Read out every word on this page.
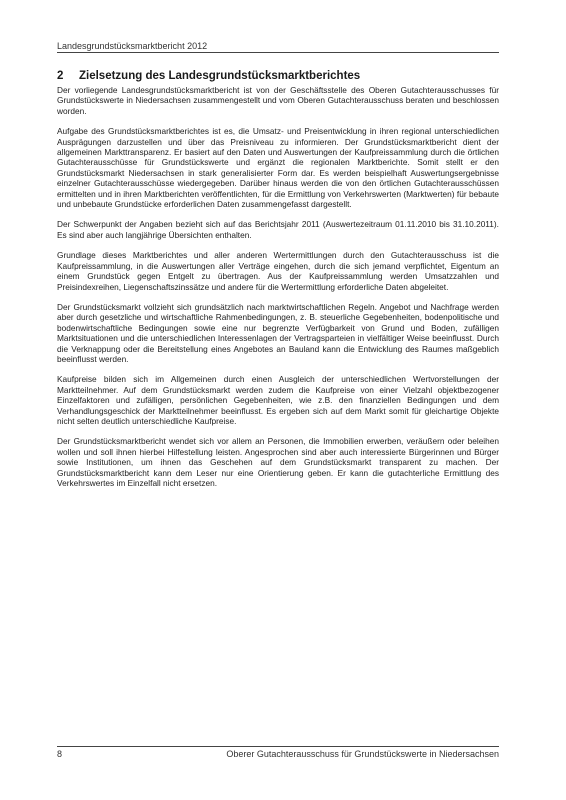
Landesgrundstücksmarktbericht 2012
2	Zielsetzung des Landesgrundstücksmarktberichtes

Der vorliegende Landesgrundstücksmarktbericht ist von der Geschäftsstelle des Oberen Gutachterausschusses für Grundstückswerte in Niedersachsen zusammengestellt und vom Oberen Gutachterausschuss beraten und beschlossen worden.

Aufgabe des Grundstücksmarktberichtes ist es, die Umsatz- und Preisentwicklung in ihren regional unterschiedlichen Ausprägungen darzustellen und über das Preisniveau zu informieren. Der Grundstücksmarktbericht dient der allgemeinen Markttransparenz. Er basiert auf den Daten und Auswertungen der Kaufpreissammlung durch die örtlichen Gutachterausschüsse für Grundstückswerte und ergänzt die regionalen Marktberichte. Somit stellt er den Grundstücksmarkt Niedersachsen in stark generalisierter Form dar. Es werden beispielhaft Auswertungsergebnisse einzelner Gutachterausschüsse wiedergegeben. Darüber hinaus werden die von den örtlichen Gutachterausschüssen ermittelten und in ihren Marktberichten veröffentlichten, für die Ermittlung von Verkehrswerten (Marktwerten) für bebaute und unbebaute Grundstücke erforderlichen Daten zusammengefasst dargestellt.

Der Schwerpunkt der Angaben bezieht sich auf das Berichtsjahr 2011 (Auswertezeitraum 01.11.2010 bis 31.10.2011). Es sind aber auch langjährige Übersichten enthalten.

Grundlage dieses Marktberichtes und aller anderen Wertermittlungen durch den Gutachterausschuss ist die Kaufpreissammlung, in die Auswertungen aller Verträge eingehen, durch die sich jemand verpflichtet, Eigentum an einem Grundstück gegen Entgelt zu übertragen. Aus der Kaufpreissammlung werden Umsatzzahlen und Preisindexreihen, Liegenschaftszinssätze und andere für die Wertermittlung erforderliche Daten abgeleitet.

Der Grundstücksmarkt vollzieht sich grundsätzlich nach marktwirtschaftlichen Regeln. Angebot und Nachfrage werden aber durch gesetzliche und wirtschaftliche Rahmenbedingungen, z. B. steuerliche Gegebenheiten, bodenpolitische und bodenwirtschaftliche Bedingungen sowie eine nur begrenzte Verfügbarkeit von Grund und Boden, zufälligen Marktsituationen und die unterschiedlichen Interessenlagen der Vertragsparteien in vielfältiger Weise beeinflusst. Durch die Verknappung oder die Bereitstellung eines Angebotes an Bauland kann die Entwicklung des Raumes maßgeblich beeinflusst werden.

Kaufpreise bilden sich im Allgemeinen durch einen Ausgleich der unterschiedlichen Wertvorstellungen der Marktteilnehmer. Auf dem Grundstücksmarkt werden zudem die Kaufpreise von einer Vielzahl objektbezogener Einzelfaktoren und zufälligen, persönlichen Gegebenheiten, wie z.B. den finanziellen Bedingungen und dem Verhandlungsgeschick der Marktteilnehmer beeinflusst. Es ergeben sich auf dem Markt somit für gleichartige Objekte nicht selten deutlich unterschiedliche Kaufpreise.

Der Grundstücksmarktbericht wendet sich vor allem an Personen, die Immobilien erwerben, veräußern oder beleihen wollen und soll ihnen hierbei Hilfestellung leisten. Angesprochen sind aber auch interessierte Bürgerinnen und Bürger sowie Institutionen, um ihnen das Geschehen auf dem Grundstücksmarkt transparent zu machen. Der Grundstücksmarktbericht kann dem Leser nur eine Orientierung geben. Er kann die gutachterliche Ermittlung des Verkehrswertes im Einzelfall nicht ersetzen.

8	Oberer Gutachterausschuss für Grundstückswerte in Niedersachsen
